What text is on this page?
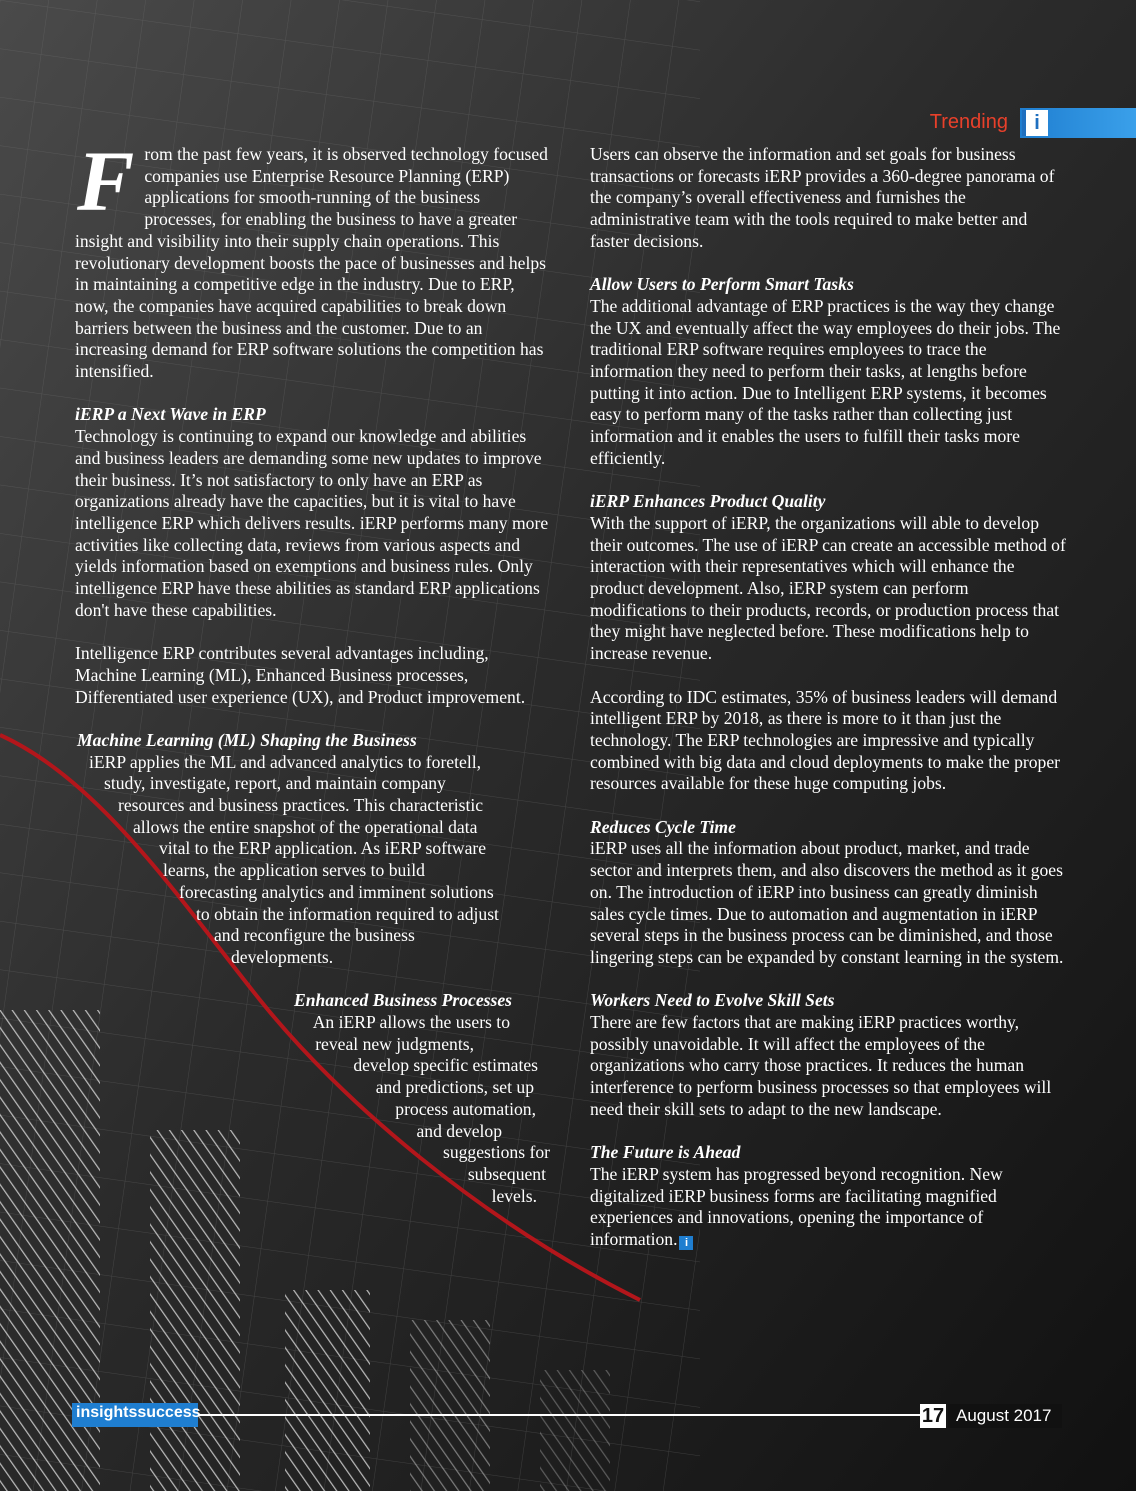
Trending	i

From the past few years, it is observed technology focused companies use Enterprise Resource Planning (ERP) applications for smooth-running of the business processes, for enabling the business to have a greater insight and visibility into their supply chain operations. This revolutionary development boosts the pace of businesses and helps in maintaining a competitive edge in the industry. Due to ERP, now, the companies have acquired capabilities to break down barriers between the business and the customer. Due to an increasing demand for ERP software solutions the competition has intensified.

iERP a Next Wave in ERP

Technology is continuing to expand our knowledge and abilities and business leaders are demanding some new updates to improve their business. It’s not satisfactory to only have an ERP as organizations already have the capacities, but it is vital to have intelligence ERP which delivers results. iERP performs many more activities like collecting data, reviews from various aspects and yields information based on exemptions and business rules. Only intelligence ERP have these abilities as standard ERP applications don't have these capabilities.

Intelligence ERP contributes several advantages including, Machine Learning (ML), Enhanced Business processes, Differentiated user experience (UX), and Product improvement.

Machine Learning (ML) Shaping the Business

iERP applies the ML and advanced analytics to foretell,
study, investigate, report, and maintain company
resources and business practices. This characteristic
allows the entire snapshot of the operational data
vital to the ERP application. As iERP software
learns, the application serves to build
forecasting analytics and imminent solutions
to obtain the information required to adjust
and reconfigure the business
developments.

Enhanced Business Processes
An iERP allows the users to
reveal new judgments,
develop specific estimates
and predictions, set up
process automation,
and develop
suggestions for
subsequent
levels.

Users can observe the information and set goals for business transactions or forecasts iERP provides a 360-degree panorama of the company’s overall effectiveness and furnishes the administrative team with the tools required to make better and faster decisions.

Allow Users to Perform Smart Tasks

The additional advantage of ERP practices is the way they change the UX and eventually affect the way employees do their jobs. The traditional ERP software requires employees to trace the information they need to perform their tasks, at lengths before putting it into action. Due to Intelligent ERP systems, it becomes easy to perform many of the tasks rather than collecting just information and it enables the users to fulfill their tasks more efficiently.

iERP Enhances Product Quality

With the support of iERP, the organizations will able to develop their outcomes. The use of iERP can create an accessible method of interaction with their representatives which will enhance the product development. Also, iERP system can perform modifications to their products, records, or production process that they might have neglected before. These modifications help to increase revenue.

According to IDC estimates, 35% of business leaders will demand intelligent ERP by 2018, as there is more to it than just the technology. The ERP technologies are impressive and typically combined with big data and cloud deployments to make the proper resources available for these huge computing jobs.

Reduces Cycle Time

iERP uses all the information about product, market, and trade sector and interprets them, and also discovers the method as it goes on. The introduction of iERP into business can greatly diminish sales cycle times. Due to automation and augmentation in iERP several steps in the business process can be diminished, and those lingering steps can be expanded by constant learning in the system.

Workers Need to Evolve Skill Sets

There are few factors that are making iERP practices worthy, possibly unavoidable. It will affect the employees of the organizations who carry those practices. It reduces the human interference to perform business processes so that employees will need their skill sets to adapt to the new landscape.

The Future is Ahead

The iERP system has progressed beyond recognition. New digitalized iERP business forms are facilitating magnified experiences and innovations, opening the importance of information. i

insightssuccess	17 August 2017
